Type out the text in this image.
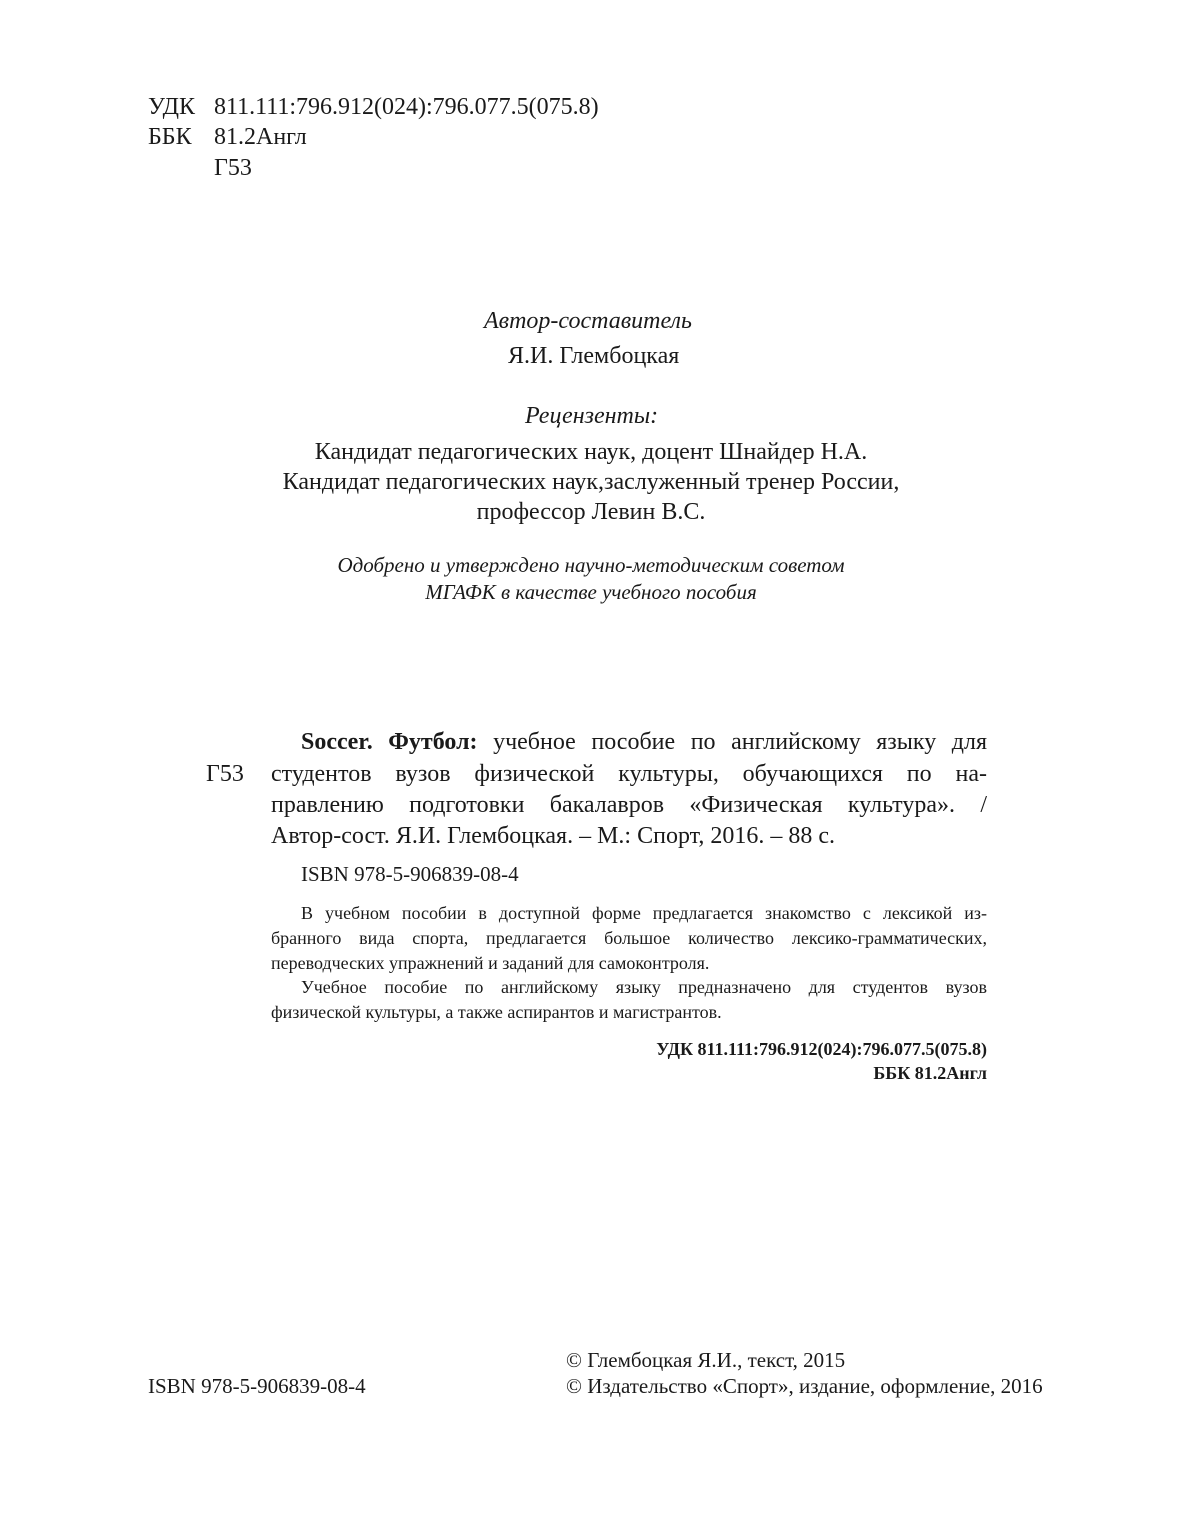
УДК 811.111:796.912(024):796.077.5(075.8)
ББК 81.2Англ
Г53
Автор-составитель
Я.И. Глембоцкая
Рецензенты:
Кандидат педагогических наук, доцент Шнайдер Н.А.
Кандидат педагогических наук,заслуженный тренер России,
профессор Левин В.С.
Одобрено и утверждено научно-методическим советом
МГАФК в качестве учебного пособия
Г53
Soccer. Футбол: учебное пособие по английскому языку для
студентов вузов физической культуры, обучающихся по на-
правлению подготовки бакалавров «Физическая культура». /
Автор-сост. Я.И. Глембоцкая. – М.: Спорт, 2016. – 88 с.
ISBN 978-5-906839-08-4
В учебном пособии в доступной форме предлагается знакомство с лексикой из-
бранного вида спорта, предлагается большое количество лексико-грамматических,
переводческих упражнений и заданий для самоконтроля.
Учебное пособие по английскому языку предназначено для студентов вузов
физической культуры, а также аспирантов и магистрантов.
УДК 811.111:796.912(024):796.077.5(075.8)
ББК 81.2Англ
ISBN 978-5-906839-08-4
© Глембоцкая Я.И., текст, 2015
© Издательство «Спорт», издание, оформление, 2016
